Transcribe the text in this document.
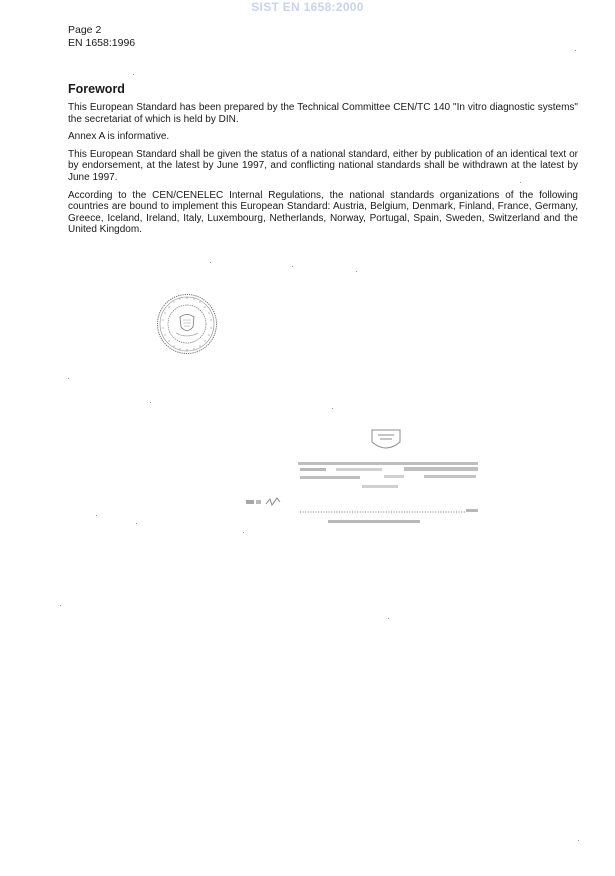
SIST EN 1658:2000
Page 2
EN 1658:1996
Foreword

This European Standard has been prepared by the Technical Committee CEN/TC 140 "In vitro diagnostic systems" the secretariat of which is held by DIN.

Annex A is informative.

This European Standard shall be given the status of a national standard, either by publication of an identical text or by endorsement, at the latest by June 1997, and conflicting national standards shall be withdrawn at the latest by June 1997.

According to the CEN/CENELEC Internal Regulations, the national standards organizations of the following countries are bound to implement this European Standard: Austria, Belgium, Denmark, Finland, France, Germany, Greece, Iceland, Ireland, Italy, Luxembourg, Netherlands, Norway, Portugal, Spain, Sweden, Switzerland and the United Kingdom.
